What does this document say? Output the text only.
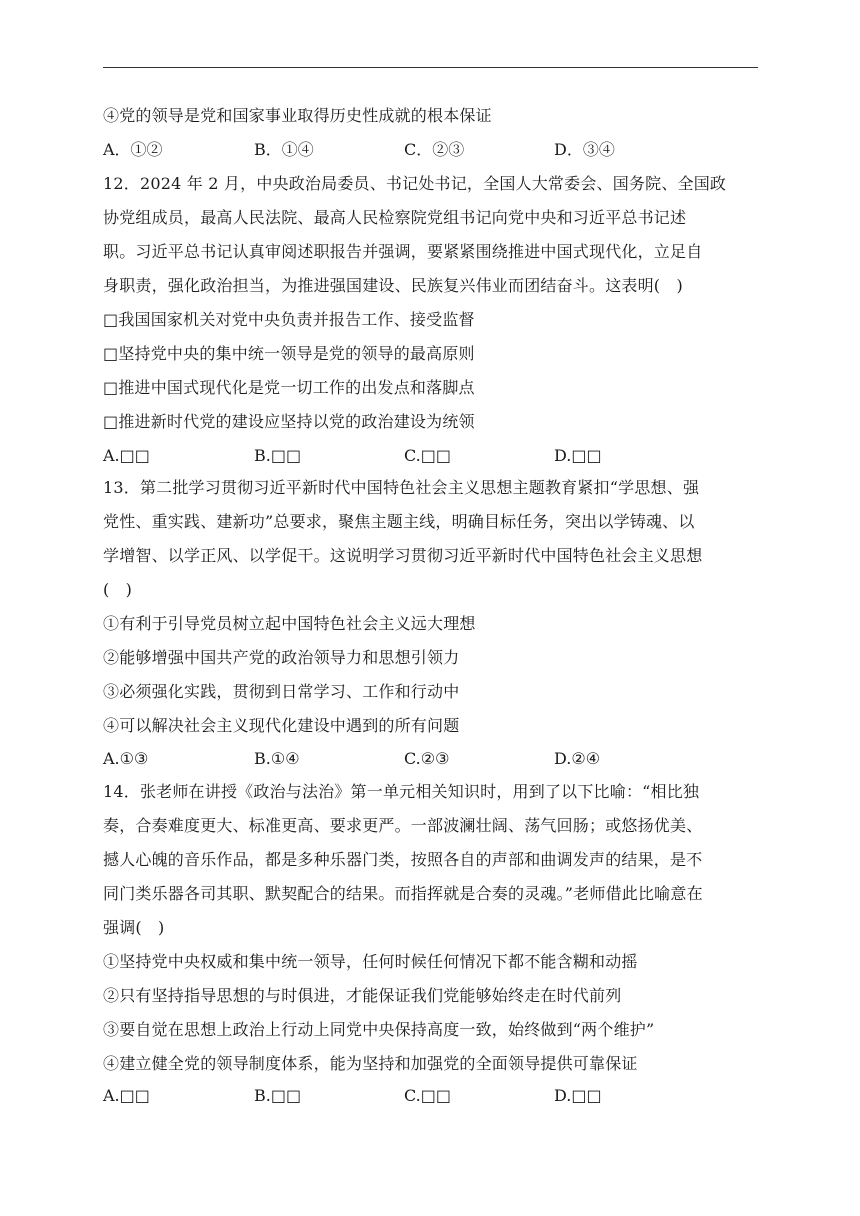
④党的领导是党和国家事业取得历史性成就的根本保证
A．①②	B．①④	C．②③	D．③④
12．2024 年 2 月，中央政治局委员、书记处书记，全国人大常委会、国务院、全国政
协党组成员，最高人民法院、最高人民检察院党组书记向党中央和习近平总书记述
职。习近平总书记认真审阅述职报告并强调，要紧紧围绕推进中国式现代化，立足自
身职责，强化政治担当，为推进强国建设、民族复兴伟业而团结奋斗。这表明(　)
□我国国家机关对党中央负责并报告工作、接受监督
□坚持党中央的集中统一领导是党的领导的最高原则
□推进中国式现代化是党一切工作的出发点和落脚点
□推进新时代党的建设应坚持以党的政治建设为统领
A.□□	B.□□	C.□□	D.□□
13．第二批学习贯彻习近平新时代中国特色社会主义思想主题教育紧扣“学思想、强
党性、重实践、建新功”总要求，聚焦主题主线，明确目标任务，突出以学铸魂、以
学增智、以学正风、以学促干。这说明学习贯彻习近平新时代中国特色社会主义思想
(　)
①有利于引导党员树立起中国特色社会主义远大理想
②能够增强中国共产党的政治领导力和思想引领力
③必须强化实践，贯彻到日常学习、工作和行动中
④可以解决社会主义现代化建设中遇到的所有问题
A.①③	B.①④	C.②③	D.②④
14．张老师在讲授《政治与法治》第一单元相关知识时，用到了以下比喻：“相比独
奏，合奏难度更大、标准更高、要求更严。一部波澜壮阔、荡气回肠；或悠扬优美、
撼人心魄的音乐作品，都是多种乐器门类，按照各自的声部和曲调发声的结果，是不
同门类乐器各司其职、默契配合的结果。而指挥就是合奏的灵魂。”老师借此比喻意在
强调(　)
①坚持党中央权威和集中统一领导，任何时候任何情况下都不能含糊和动摇
②只有坚持指导思想的与时俱进，才能保证我们党能够始终走在时代前列
③要自觉在思想上政治上行动上同党中央保持高度一致，始终做到“两个维护”
④建立健全党的领导制度体系，能为坚持和加强党的全面领导提供可靠保证
A.□□	B.□□	C.□□	D.□□
